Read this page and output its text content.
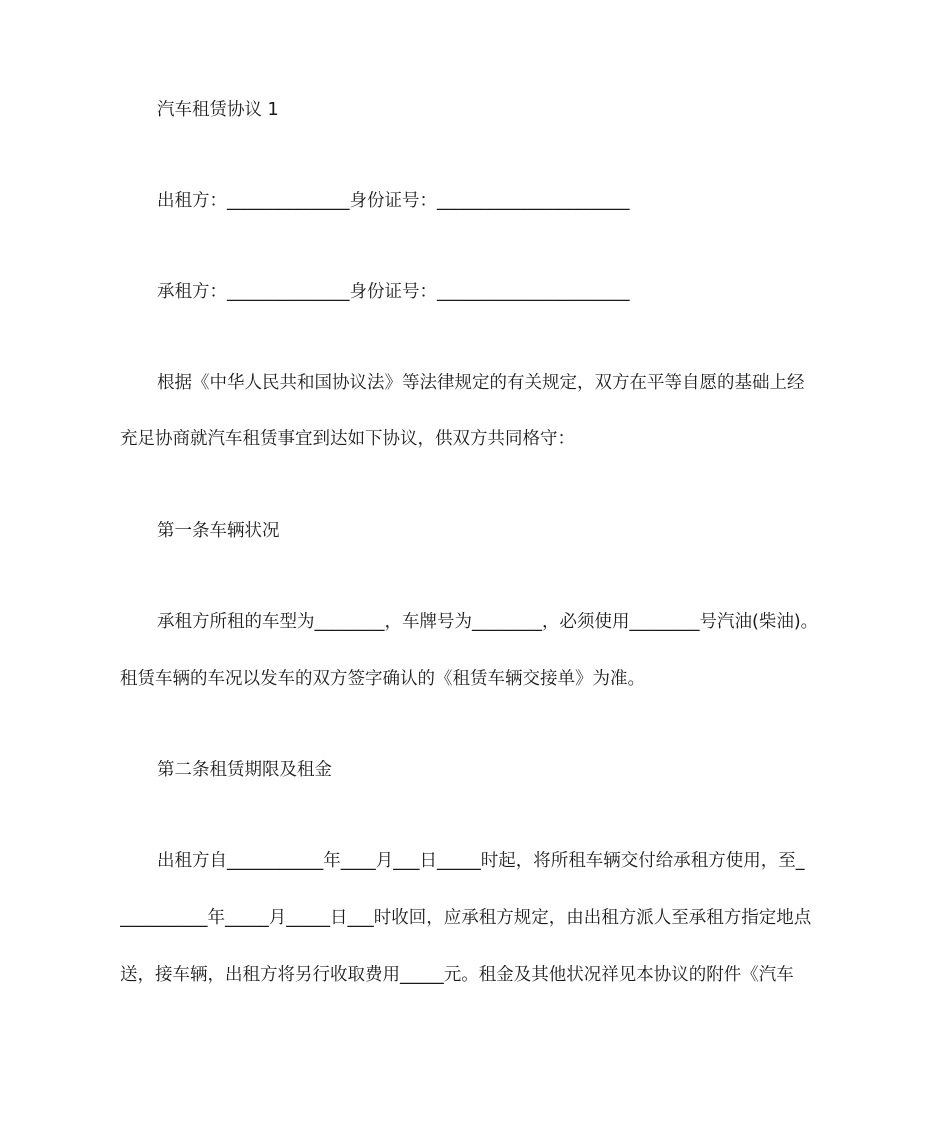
汽车租赁协议 1
出租方：______________身份证号：______________________
承租方：______________身份证号：______________________
根据《中华人民共和国协议法》等法律规定的有关规定，双方在平等自愿的基础上经
充足协商就汽车租赁事宜到达如下协议，供双方共同格守：
第一条车辆状况
承租方所租的车型为________，车牌号为________，必须使用________号汽油(柴油)。
租赁车辆的车况以发车的双方签字确认的《租赁车辆交接单》为准。
第二条租赁期限及租金
出租方自___________年____月___日_____时起，将所租车辆交付给承租方使用，至_
__________年_____月_____日___时收回，应承租方规定，由出租方派人至承租方指定地点
送，接车辆，出租方将另行收取费用_____元。租金及其他状况祥见本协议的附件《汽车
